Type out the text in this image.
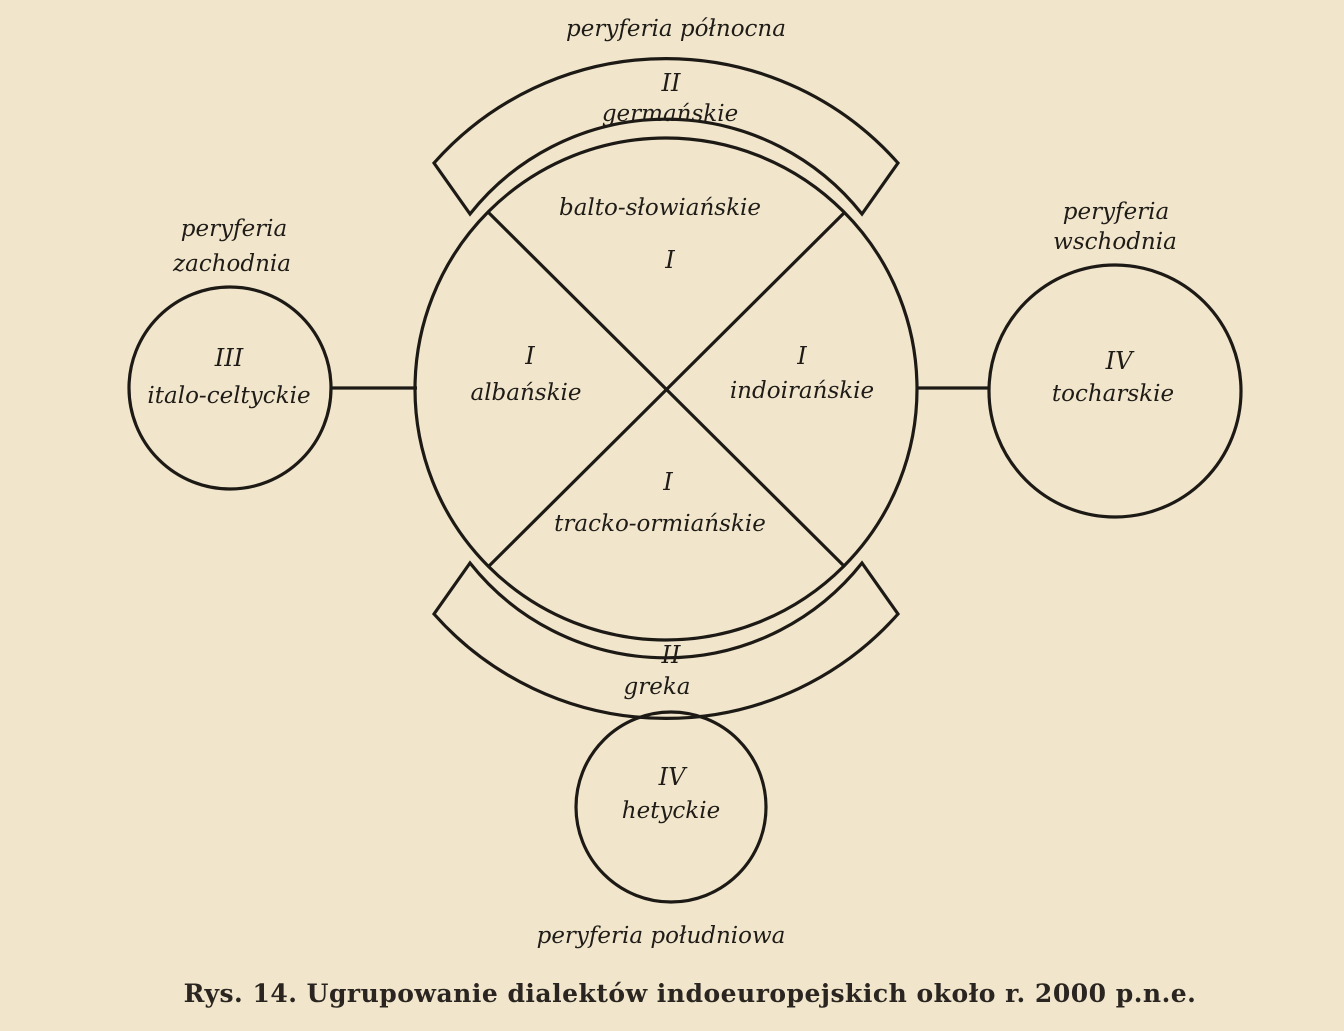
peryferia północna
peryferia południowa
peryferia
zachodnia
peryferia
wschodnia
II
germańskie
balto-słowiańskie
I
I
albańskie
I
indoirańskie
I
tracko-ormiańskie
II
greka
III
italo-celtyckie
IV
tocharskie
IV
hetyckie
Rys. 14. Ugrupowanie dialektów indoeuropejskich około r. 2000 p.n.e.
